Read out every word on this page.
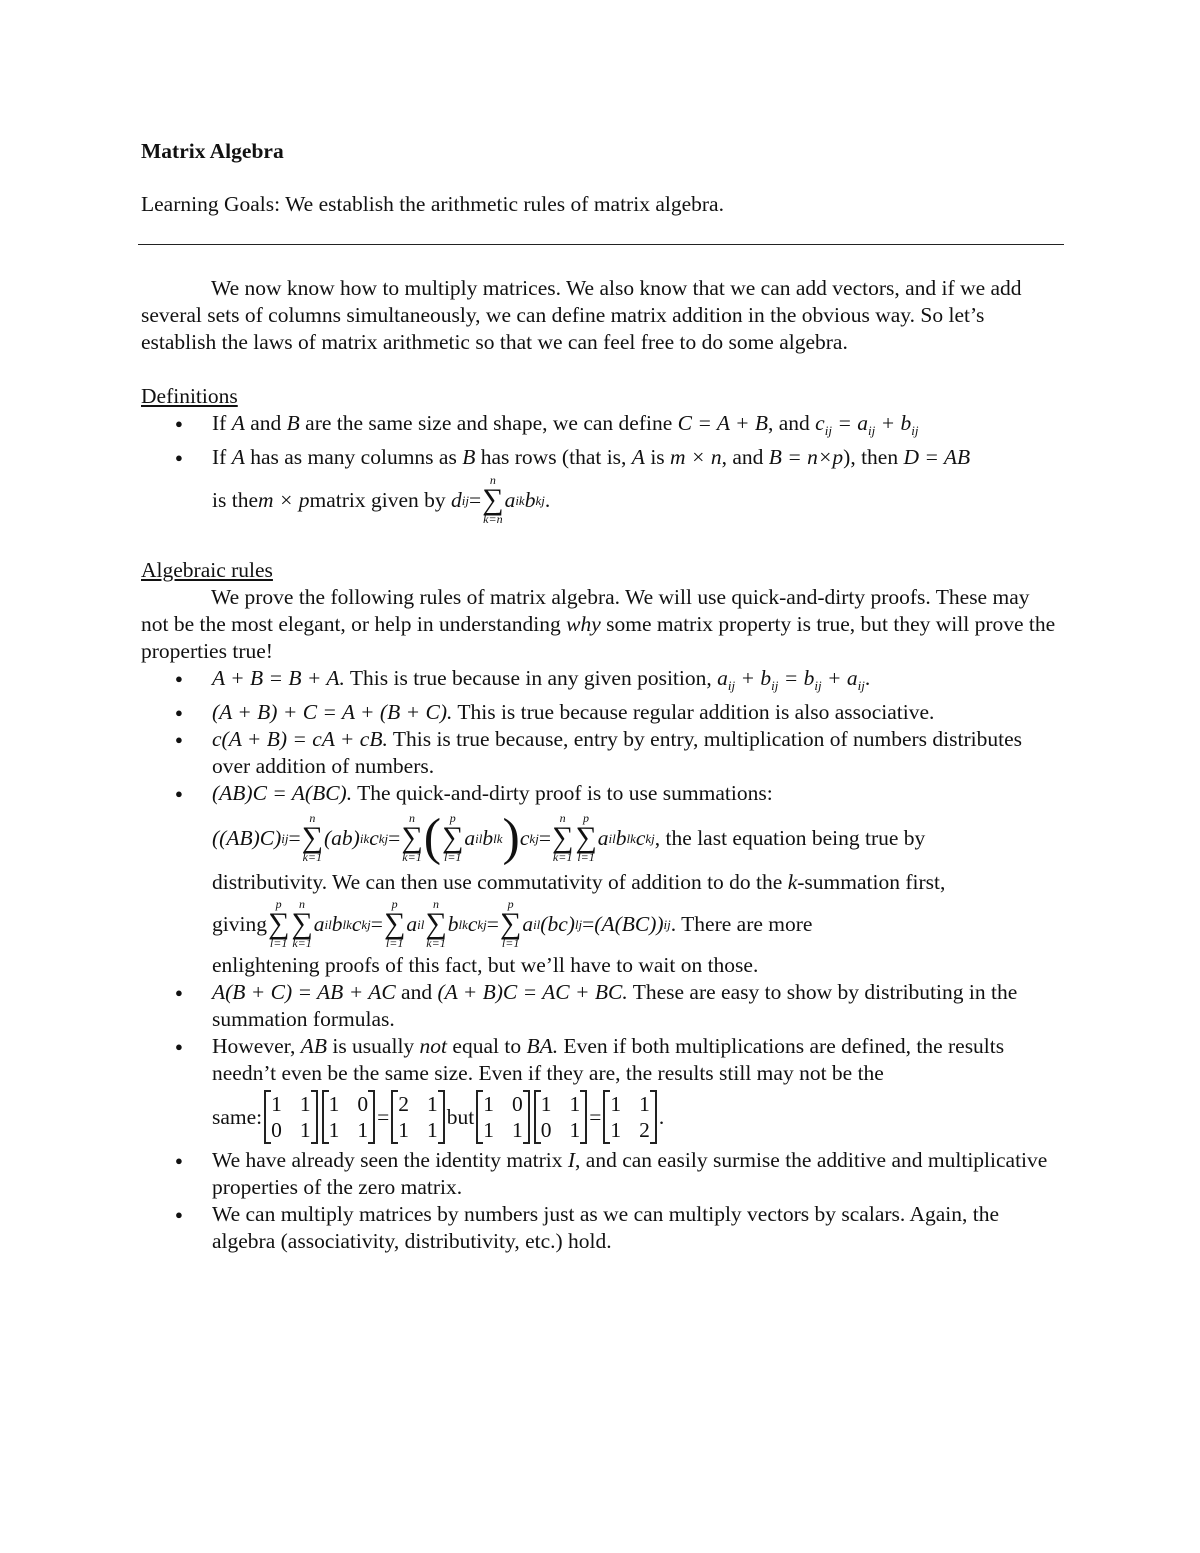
Matrix Algebra

Learning Goals: We establish the arithmetic rules of matrix algebra.
We now know how to multiply matrices. We also know that we can add vectors, and if we add several sets of columns simultaneously, we can define matrix addition in the obvious way. So let’s establish the laws of matrix arithmetic so that we can feel free to do some algebra.
Definitions
● If A and B are the same size and shape, we can define C = A + B, and $c_{ij} = a_{ij} + b_{ij}$
● If A has as many columns as B has rows (that is, A is m × n, and B = n×p), then D = AB
is the m × p matrix given by
d ij =
n
∑
k=n
a ik b kj .
Algebraic rules
We prove the following rules of matrix algebra. We will use quick-and-dirty proofs. These may not be the most elegant, or help in understanding why some matrix property is true, but they will prove the properties true!
● A + B = B + A. This is true because in any given position, $a_{ij} + b_{ij} = b_{ij} + a_{ij}$.
● (A + B) + C = A + (B + C). This is true because regular addition is also associative.
● c(A + B) = cA + cB. This is true because, entry by entry, multiplication of numbers distributes over addition of numbers.
● (AB)C = A(BC). The quick-and-dirty proof is to use summations:
((AB)C) ij =
n
∑
k=1
(ab) ik c kj =
n
∑
k=1 ( p
∑
l=1
a il b lk ) c kj =
n
∑
k=1
p
∑
l=1
a il b lk c kj , the last equation being true by
distributivity. We can then use commutativity of addition to do the k-summation first,
giving
p
∑
l=1
n
∑
k=1
a il b lk c kj =
p
∑
l=1
a il
n
∑
k=1
b lk c kj =
p
∑
l=1
a il (bc) lj = (A(BC)) ij . There are more
enlightening proofs of this fact, but we’ll have to wait on those.
● A(B + C) = AB + AC and (A + B)C = AC + BC. These are easy to show by distributing in the summation formulas.
● However, AB is usually not equal to BA. Even if both multiplications are defined, the results needn’t even be the same size. Even if they are, the results still may not be the
same:
1 1
0 1
1 0
1 1
=
2 1
1 1
but
1 0
1 1
1 1
0 1
=
1 1
1 2
.
● We have already seen the identity matrix I, and can easily surmise the additive and multiplicative properties of the zero matrix.
● We can multiply matrices by numbers just as we can multiply vectors by scalars. Again, the algebra (associativity, distributivity, etc.) hold.
